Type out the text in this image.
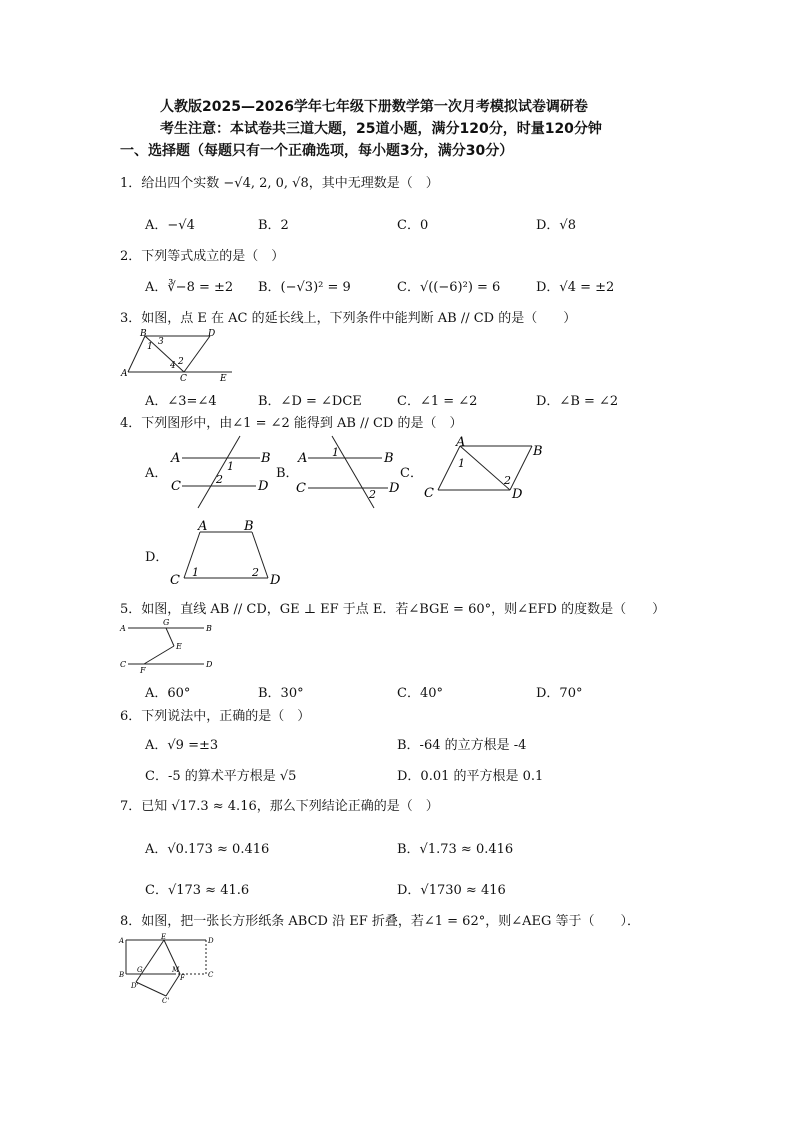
人教版2025—2026学年七年级下册数学第一次月考模拟试卷调研卷
考生注意：本试卷共三道大题，25道小题，满分120分，时量120分钟
一、选择题（每题只有一个正确选项，每小题3分，满分30分）
1．给出四个实数 −√4, 2, 0, √8，其中无理数是（　）
A．−√4	B．2	C．0	D．√8
2．下列等式成立的是（　）
A．∛−8 = ±2 B．(−√3)² = 9	C．√((−6)²) = 6	D．√4 = ±2
3．如图，点 E 在 AC 的延长线上，下列条件中能判断 AB // CD 的是（　　）
B	D
1 3
2
4
A	C	E
A．∠3=∠4	B．∠D = ∠DCE	C．∠1 = ∠2	D．∠B = ∠2
4．下列图形中，由∠1 = ∠2 能得到 AB // CD 的是（　）
A．
A	B
C	D
1
2	B．
A	B
C	D
1
2
C．
A
B
C	D
1
2
D．
A	B
C	D
1	2
5．如图，直线 AB // CD，GE ⊥ EF 于点 E．若∠BGE = 60°，则∠EFD 的度数是（　　）
A
G
B
E
C
F
D
A．60°	B．30°	C．40°	D．70°
6．下列说法中，正确的是（　）
A．√9 =±3	B．-64 的立方根是 -4
C．-5 的算术平方根是 √5	D．0.01 的平方根是 0.1
7．已知 √17.3 ≈ 4.16，那么下列结论正确的是（　）
A．√0.173 ≈ 0.416	B．√1.73 ≈ 0.416
C．√173 ≈ 41.6	D．√1730 ≈ 416
8．如图，把一张长方形纸条 ABCD 沿 EF 折叠，若∠1 = 62°，则∠AEG 等于（　　）．
A	E	D
B
G	M
C
D'
F
C'
